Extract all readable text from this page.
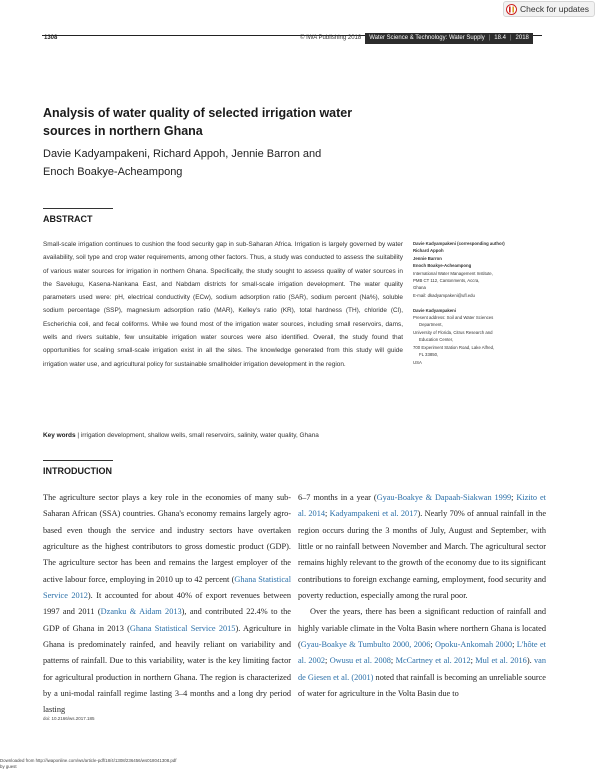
Check for updates
1308	© IWA Publishing 2018	Water Science & Technology: Water Supply | 18.4 | 2018
Analysis of water quality of selected irrigation water
sources in northern Ghana
Davie Kadyampakeni, Richard Appoh, Jennie Barron and
Enoch Boakye-Acheampong
ABSTRACT

Small-scale irrigation continues to cushion the food security gap in sub-Saharan Africa. Irrigation is largely governed by water availability, soil type and crop water requirements, among other factors. Thus, a study was conducted to assess the suitability of various water sources for irrigation in northern Ghana. Specifically, the study sought to assess quality of water sources in the Savelugu, Kasena-Nankana East, and Nabdam districts for small-scale irrigation development. The water quality parameters used were: pH, electrical conductivity (ECw), sodium adsorption ratio (SAR), sodium percent (Na%), soluble sodium percentage (SSP), magnesium adsorption ratio (MAR), Kelley's ratio (KR), total hardness (TH), chloride (Cl), Escherichia coli, and fecal coliforms. While we found most of the irrigation water sources, including small reservoirs, dams, wells and rivers suitable, few unsuitable irrigation water sources were also identified. Overall, the study found that opportunities for scaling small-scale irrigation exist in all the sites. The knowledge generated from this study will guide irrigation water use, and agricultural policy for sustainable smallholder irrigation development in the region.

Key words | irrigation development, shallow wells, small reservoirs, salinity, water quality, Ghana
Davie Kadyampakeni (corresponding author)
Richard Appoh
Jennie Barron
Enoch Boakye-Acheampong
International Water Management Institute,
PMB CT 112, Cantonments, Accra,
Ghana
E-mail: dkadyampakeni@ufl.edu

Davie Kadyampakeni
Present address: Soil and Water Sciences
Department,
University of Florida, Citrus Research and
Education Center,
700 Experiment Station Road, Lake Alfred,
FL 33850,
USA
INTRODUCTION

The agriculture sector plays a key role in the economies of many sub-Saharan African (SSA) countries. Ghana's economy remains largely agro-based even though the service and industry sectors have overtaken agriculture as the highest contributors to gross domestic product (GDP). The agriculture sector has been and remains the largest employer of the active labour force, employing in 2010 up to 42 percent (Ghana Statistical Service 2012). It accounted for about 40% of export revenues between 1997 and 2011 (Dzanku & Aidam 2013), and contributed 22.4% to the GDP of Ghana in 2013 (Ghana Statistical Service 2015). Agriculture in Ghana is predominately rainfed, and heavily reliant on variability and patterns of rainfall. Due to this variability, water is the key limiting factor for agricultural production in northern Ghana. The region is characterized by a uni-modal rainfall regime lasting 3–4 months and a long dry period lasting

6–7 months in a year (Gyau-Boakye & Dapaah-Siakwan 1999; Kizito et al. 2014; Kadyampakeni et al. 2017). Nearly 70% of annual rainfall in the region occurs during the 3 months of July, August and September, with little or no rainfall between November and March. The agricultural sector remains highly relevant to the growth of the economy due to its significant contributions to foreign exchange earning, employment, food security and poverty reduction, especially among the rural poor.

Over the years, there has been a significant reduction of rainfall and highly variable climate in the Volta Basin where northern Ghana is located (Gyau-Boakye & Tumbulto 2000, 2006; Opoku-Ankomah 2000; L'hôte et al. 2002; Owusu et al. 2008; McCartney et al. 2012; Mul et al. 2016). van de Giesen et al. (2001) noted that rainfall is becoming an unreliable source of water for agriculture in the Volta Basin due to

doi: 10.2166/ws.2017.185
Downloaded from http://iwaponline.com/ws/article-pdf/18/4/1308/236456/ws018041308.pdf
by guest
